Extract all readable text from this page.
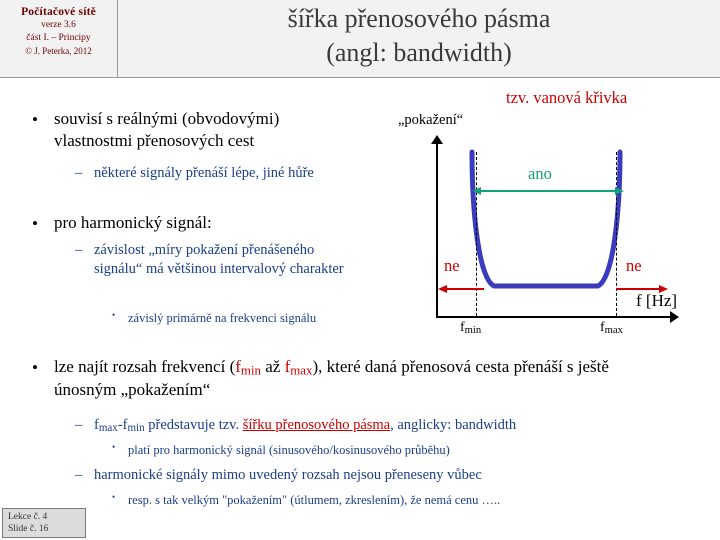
Počítačové sítě
verze 3.6
část I. – Principy
© J. Peterka, 2012
šířka přenosového pásma
(angl: bandwidth)
• souvisí s reálnými (obvodovými) vlastnostmi přenosových cest
– některé signály přenáší lépe, jiné hůře
• pro harmonický signál:
– závislost „míry pokažení přenášeného signálu“ má většinou intervalový charakter
• závislý primárně na frekvenci signálu
• lze najít rozsah frekvencí (fmin až fmax), které daná přenosová cesta přenáší s ještě únosným „pokažením“
– fmax-fmin představuje tzv. šířku přenosového pásma, anglicky: bandwidth
• platí pro harmonický signál (sinusového/kosinusového průběhu)
– harmonické signály mimo uvedený rozsah nejsou přeneseny vůbec
• resp. s tak velkým "pokažením" (útlumem, zkreslením), že nemá cenu …..
tzv. vanová křivka
„pokažení“
f [Hz]
fmin	fmax
ano
ne	ne
Lekce č. 4
Slide č. 16
